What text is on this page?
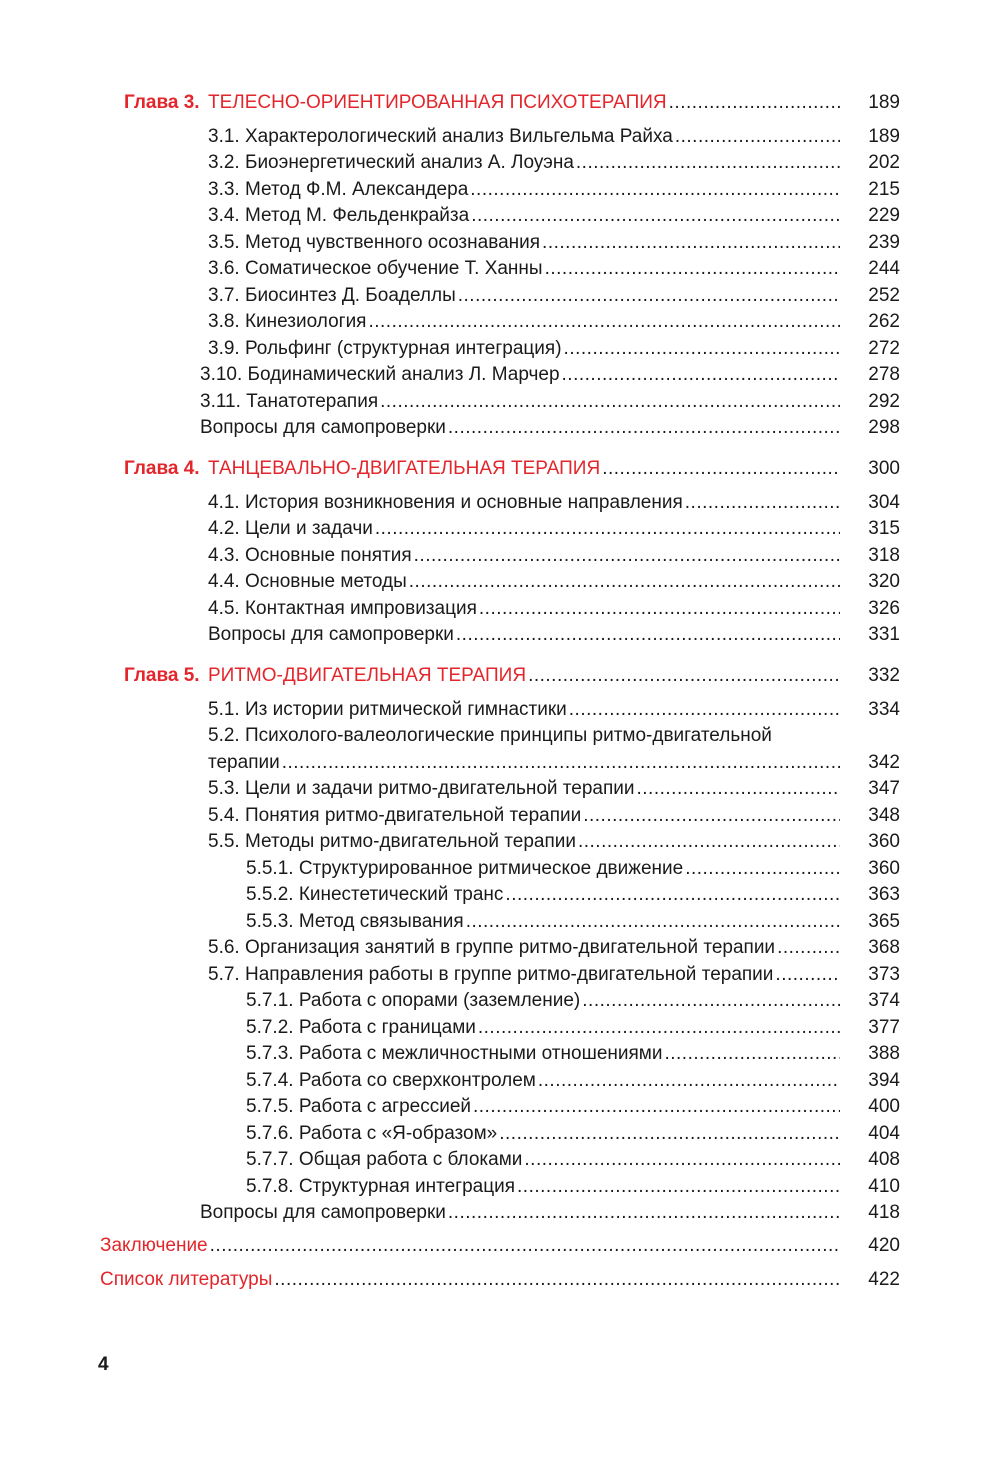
Глава 3. ТЕЛЕСНО-ОРИЕНТИРОВАННАЯ ПСИХОТЕРАПИЯ .....	189
3.1. Характерологический анализ Вильгельма Райха .....	189
3.2. Биоэнергетический анализ А. Лоуэна .....	202
3.3. Метод Ф.М. Александера .....	215
3.4. Метод М. Фельденкрайза .....	229
3.5. Метод чувственного осознавания .....	239
3.6. Соматическое обучение Т. Ханны .....	244
3.7. Биосинтез Д. Боаделлы .....	252
3.8. Кинезиология .....	262
3.9. Рольфинг (структурная интеграция) .....	272
3.10. Бодинамический анализ Л. Марчер .....	278
3.11. Танатотерапия .....	292
Вопросы для самопроверки .....	298
Глава 4. ТАНЦЕВАЛЬНО-ДВИГАТЕЛЬНАЯ ТЕРАПИЯ .....	300
4.1. История возникновения и основные направления .....	304
4.2. Цели и задачи .....	315
4.3. Основные понятия .....	318
4.4. Основные методы .....	320
4.5. Контактная импровизация .....	326
Вопросы для самопроверки .....	331
Глава 5. РИТМО-ДВИГАТЕЛЬНАЯ ТЕРАПИЯ .....	332
5.1. Из истории ритмической гимнастики .....	334
5.2. Психолого-валеологические принципы ритмо-двигательной
терапии .....	342
5.3. Цели и задачи ритмо-двигательной терапии .....	347
5.4. Понятия ритмо-двигательной терапии .....	348
5.5. Методы ритмо-двигательной терапии .....	360
5.5.1. Структурированное ритмическое движение .....	360
5.5.2. Кинестетический транс .....	363
5.5.3. Метод связывания .....	365
5.6. Организация занятий в группе ритмо-двигательной терапии .....	368
5.7. Направления работы в группе ритмо-двигательной терапии .....	373
5.7.1. Работа с опорами (заземление) .....	374
5.7.2. Работа с границами .....	377
5.7.3. Работа с межличностными отношениями .....	388
5.7.4. Работа со сверхконтролем .....	394
5.7.5. Работа с агрессией .....	400
5.7.6. Работа с «Я-образом» .....	404
5.7.7. Общая работа с блоками .....	408
5.7.8. Структурная интеграция .....	410
Вопросы для самопроверки .....	418
Заключение .....	420
Список литературы .....	422
4
